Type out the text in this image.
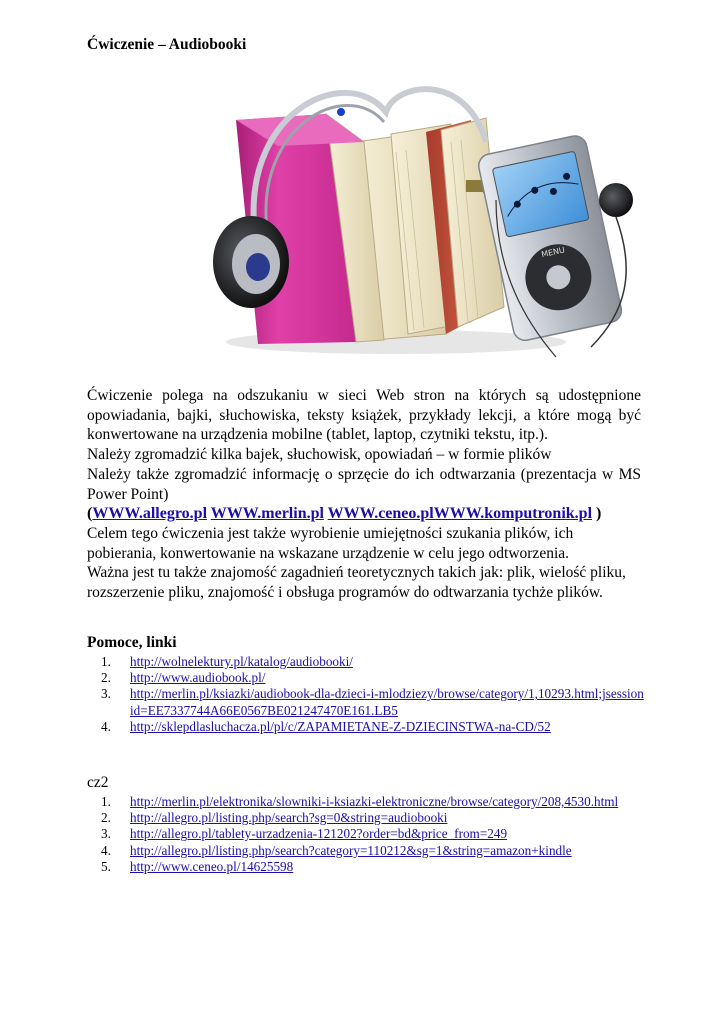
Ćwiczenie – Audiobooki
MENU

Ćwiczenie polega na odszukaniu w sieci Web stron na których są udostępnione opowiadania, bajki, słuchowiska, teksty książek, przykłady lekcji, a które mogą być konwertowane na urządzenia mobilne (tablet, laptop, czytniki tekstu, itp.).

Należy zgromadzić kilka bajek, słuchowisk, opowiadań – w formie plików

Należy także zgromadzić informację o sprzęcie do ich odtwarzania (prezentacja w MS Power Point)

(WWW.allegro.pl WWW.merlin.pl WWW.ceneo.plWWW.komputronik.pl )

Celem tego ćwiczenia jest także wyrobienie umiejętności szukania plików, ich pobierania, konwertowanie na wskazane urządzenie w celu jego odtworzenia.

Ważna jest tu także znajomość zagadnień teoretycznych takich jak: plik, wielość pliku, rozszerzenie pliku, znajomość i obsługa programów do odtwarzania tychże plików.

Pomoce, linki
1. http://wolnelektury.pl/katalog/audiobooki/
2. http://www.audiobook.pl/
3. http://merlin.pl/ksiazki/audiobook-dla-dzieci-i-mlodziezy/browse/category/1,10293.html;jsessionid=EE7337744A66E0567BE021247470E161.LB5
4. http://sklepdlasluchacza.pl/pl/c/ZAPAMIETANE-Z-DZIECINSTWA-na-CD/52
cz2
1. http://merlin.pl/elektronika/slowniki-i-ksiazki-elektroniczne/browse/category/208,4530.html
2. http://allegro.pl/listing.php/search?sg=0&string=audiobooki
3. http://allegro.pl/tablety-urzadzenia-121202?order=bd&price_from=249
4. http://allegro.pl/listing.php/search?category=110212&sg=1&string=amazon+kindle
5. http://www.ceneo.pl/14625598
